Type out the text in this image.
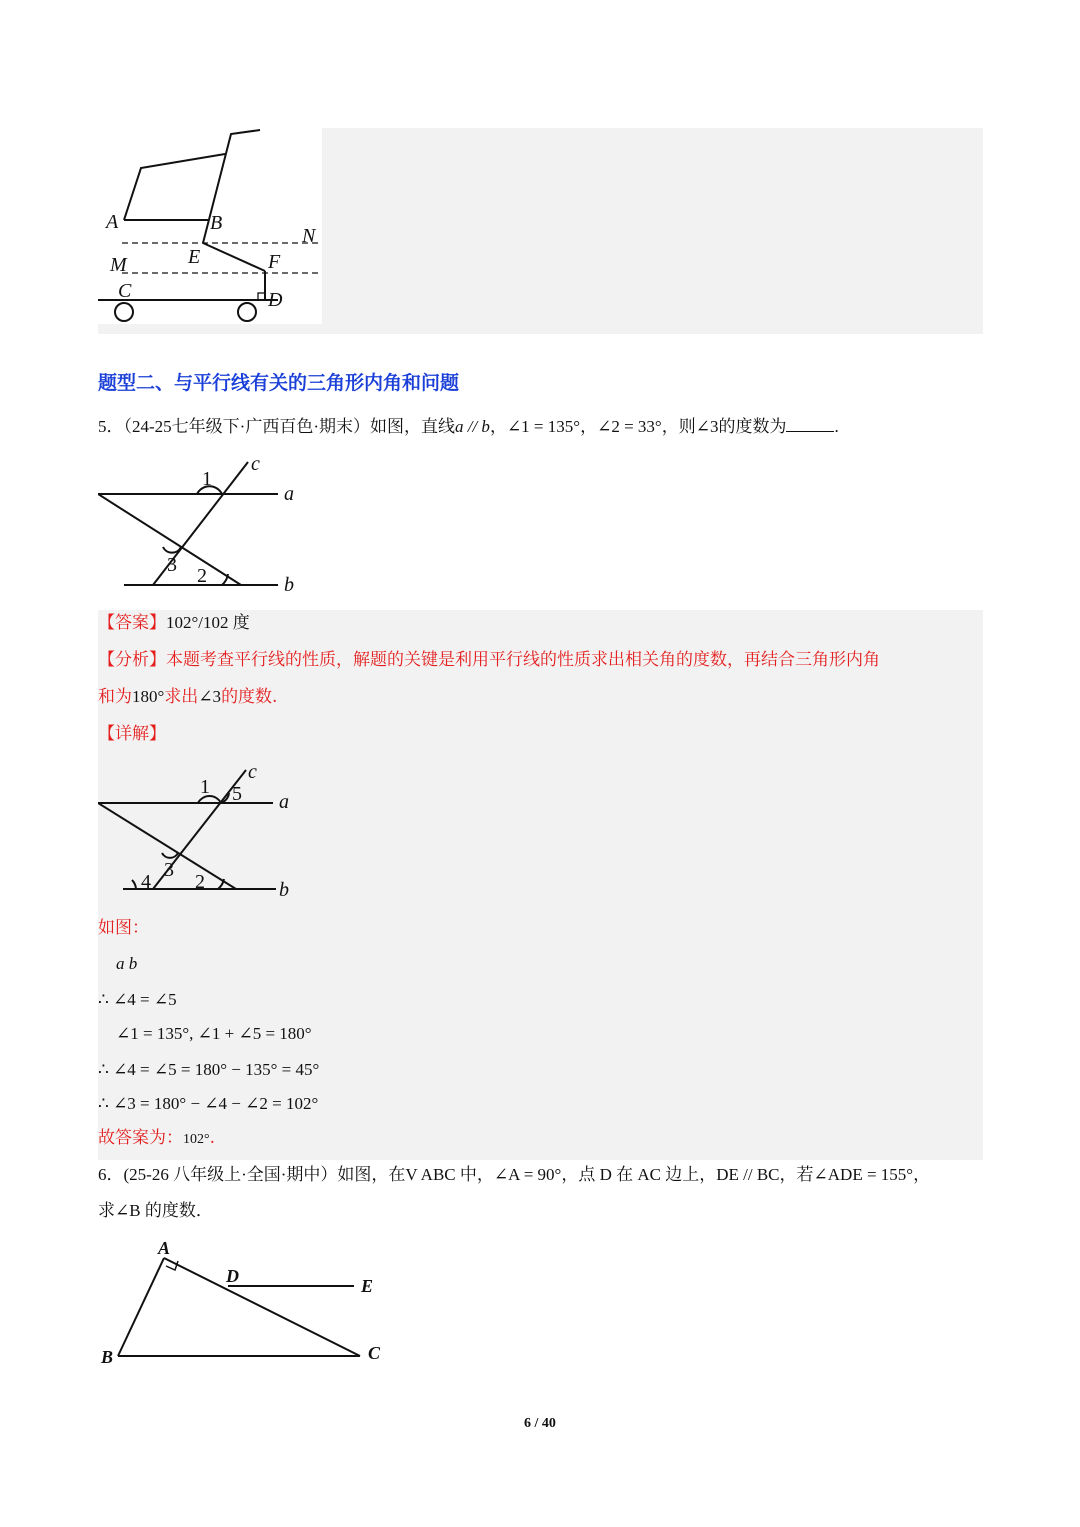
A	B
N
E
M	F
C	D
题型二、与平行线有关的三角形内角和问题
5．（24-25七年级下·广西百色·期末）如图，直线a // b，∠1 = 135°，∠2 = 33°，则∠3的度数为	.
1
c
a
3 2	b
【答案】102°/102 度
【分析】本题考查平行线的性质，解题的关键是利用平行线的性质求出相关角的度数，再结合三角形内角
和为180°求出∠3的度数.
【详解】
1 5
c
a
3
4 2	b
如图：
a b
∴ ∠4 = ∠5
∠1 = 135°, ∠1 + ∠5 = 180°
∴ ∠4 = ∠5 = 180° − 135° = 45°
∴ ∠3 = 180° − ∠4 − ∠2 = 102°
故答案为：102°.
6．(25-26 八年级上·全国·期中）如图，在V ABC 中，∠A = 90°，点 D 在 AC 边上，DE // BC，若∠ADE = 155°，
求∠B 的度数．
A
D	E
B	C
6 / 40
